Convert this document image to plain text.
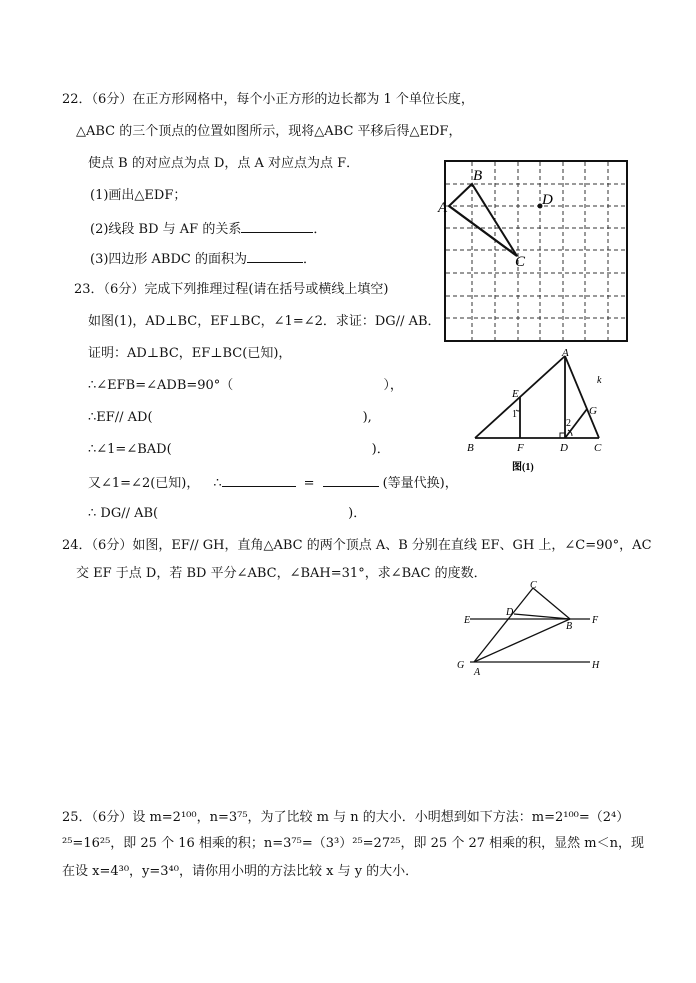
22．（6分）在正方形网格中，每个小正方形的边长都为 1 个单位长度，
△ABC 的三个顶点的位置如图所示，现将△ABC 平移后得△EDF，
使点 B 的对应点为点 D，点 A 对应点为点 F．
(1)画出△EDF；
(2)线段 BD 与 AF 的关系	．
(3)四边形 ABDC 的面积为	．
A
B
C
D
23．（6分）完成下列推理过程(请在括号或横线上填空)
如图(1)，AD⊥BC，EF⊥BC，∠1=∠2．求证：DG// AB．
证明：AD⊥BC，EF⊥BC(已知)，
∴∠EFB=∠ADB=90°（	），
∴EF// AD(	),
∴∠1=∠BAD(	)．
又∠1=∠2(已知)， ∴	=	(等量代换)，
∴ DG// AB(	)．
A
B	C
D
E
F
G
1
2
k
图(1)
24．（6分）如图，EF// GH，直角△ABC 的两个顶点 A、B 分别在直线 EF、GH 上，∠C=90°，AC
交 EF 于点 D，若 BD 平分∠ABC，∠BAH=31°，求∠BAC 的度数．
C
D
E
B
F
G
A
H
25．（6分）设 m=2¹⁰⁰，n=3⁷⁵，为了比较 m 与 n 的大小．小明想到如下方法：m=2¹⁰⁰=（2⁴）
²⁵=16²⁵，即 25 个 16 相乘的积；n=3⁷⁵=（3³）²⁵=27²⁵，即 25 个 27 相乘的积，显然 m＜n，现
在设 x=4³⁰，y=3⁴⁰，请你用小明的方法比较 x 与 y 的大小．
